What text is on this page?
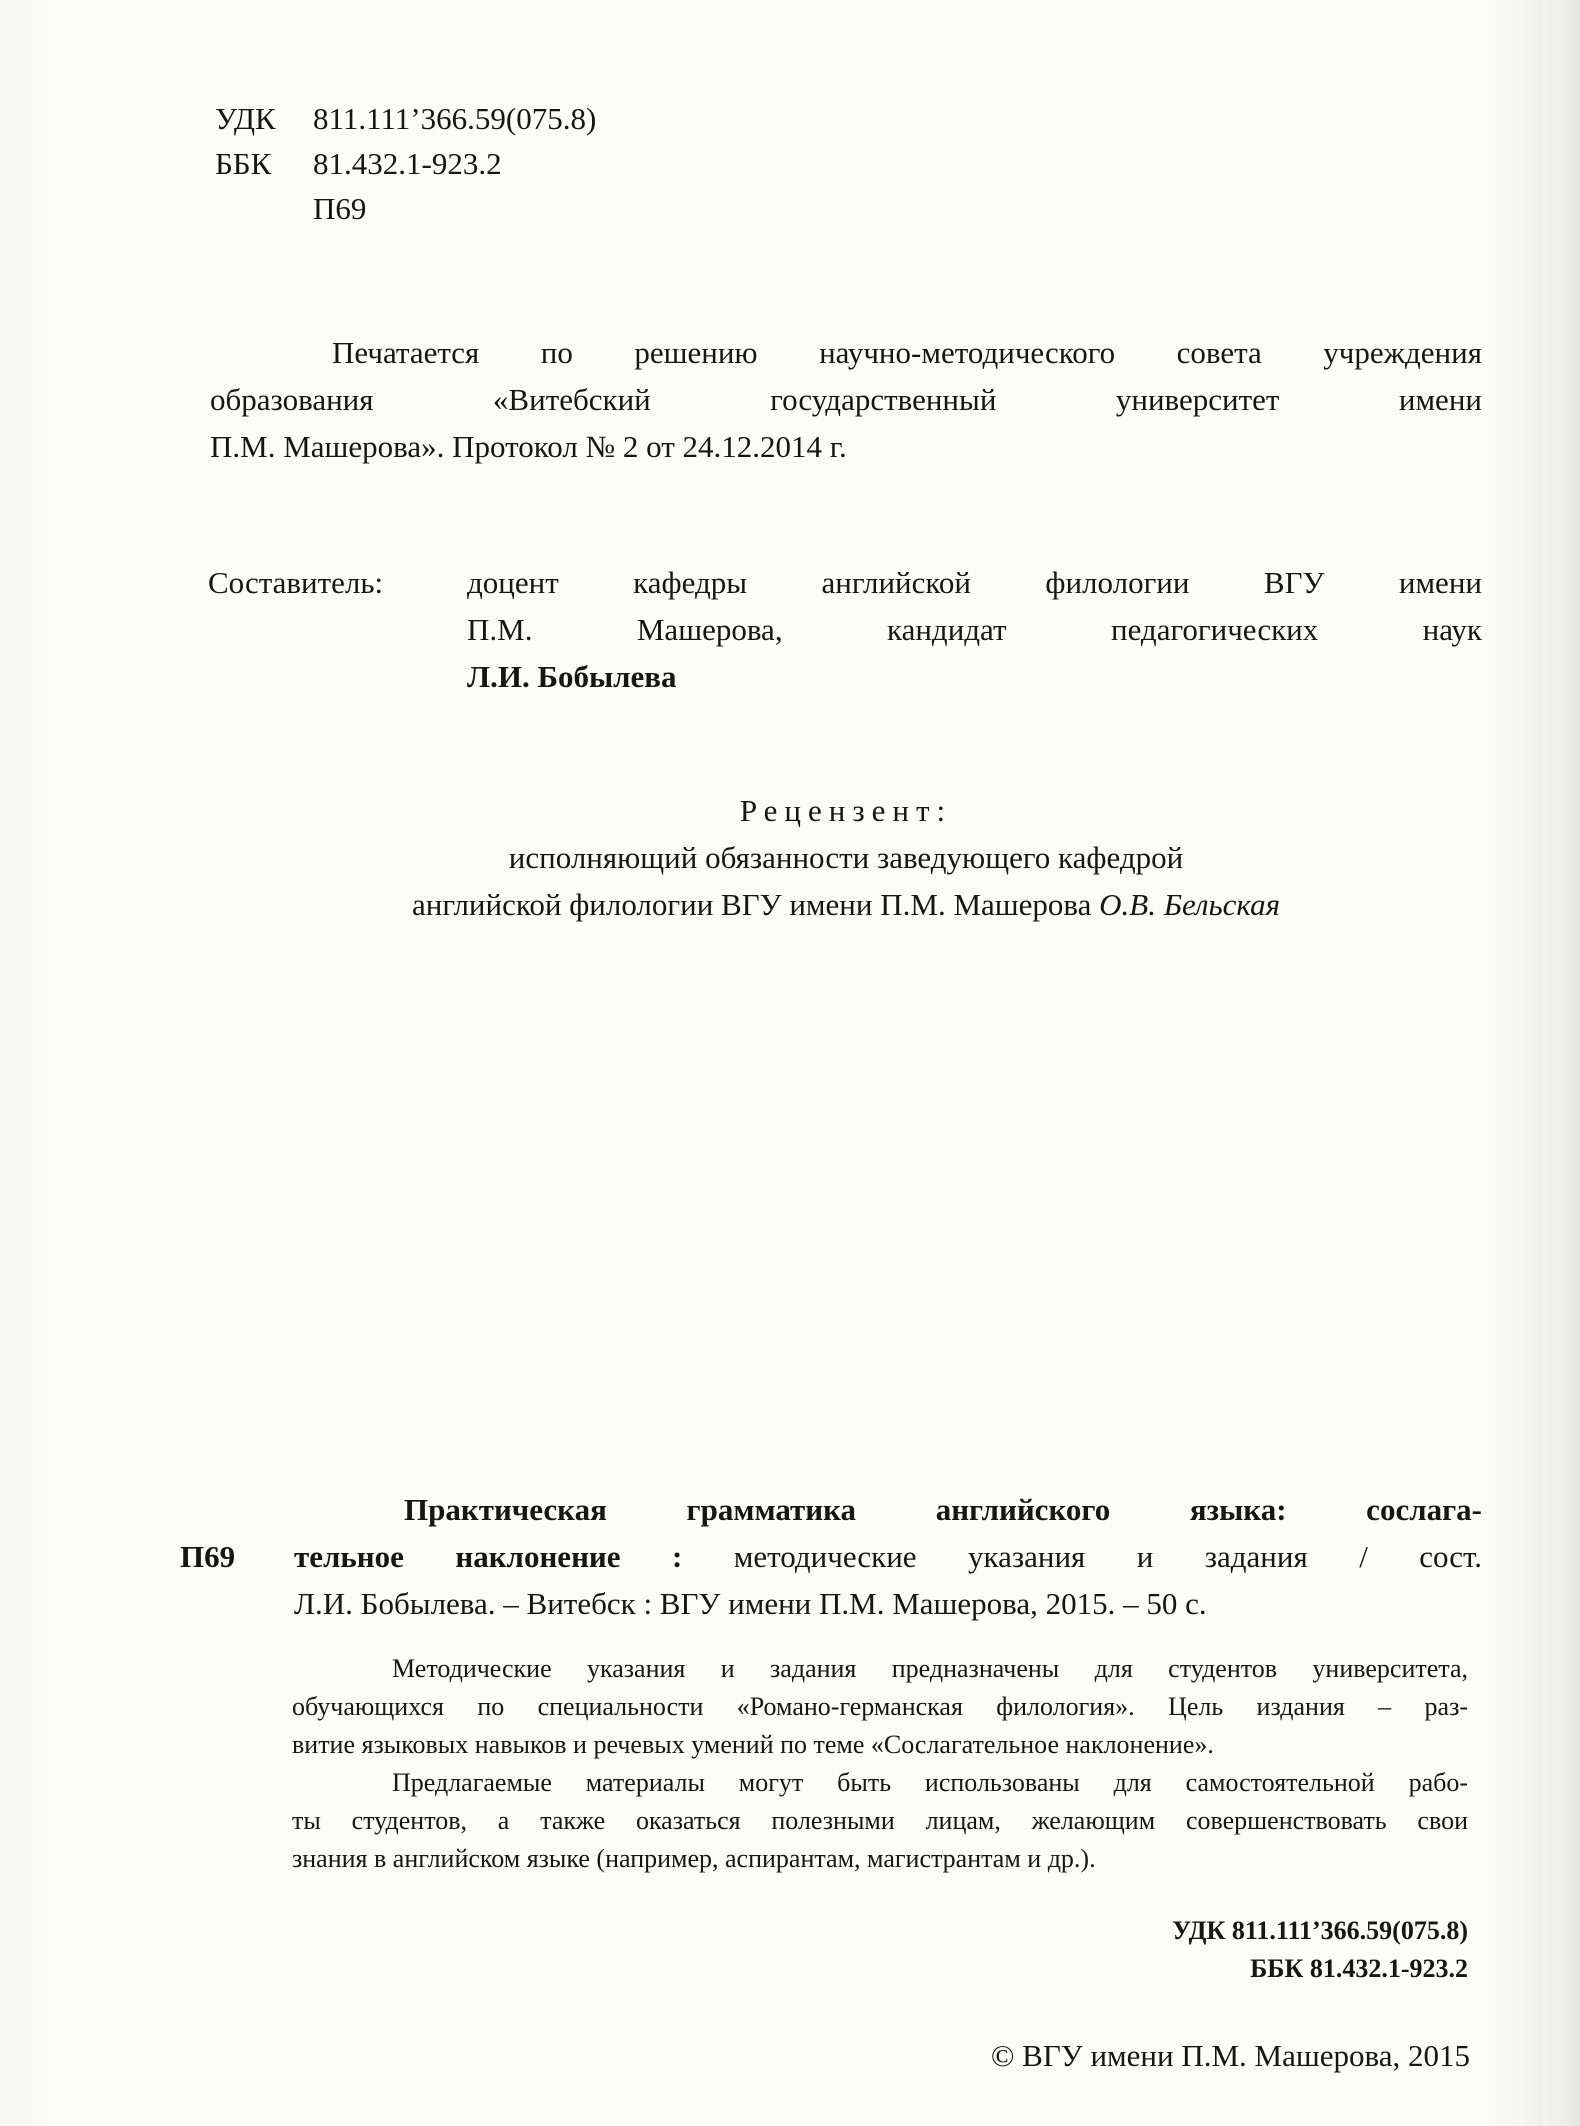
УДК	811.111’366.59(075.8)
ББК	81.432.1-923.2
П69
Печатается по решению научно-методического совета учреждения
образования «Витебский государственный университет имени
П.М. Машерова». Протокол № 2 от 24.12.2014 г.
Составитель:	доцент кафедры английской филологии ВГУ имени
П.М. Машерова, кандидат педагогических наук
Л.И. Бобылева
Рецензент:
исполняющий обязанности заведующего кафедрой
английской филологии ВГУ имени П.М. Машерова О.В. Бельская
П69
Практическая грамматика английского языка: сослага-
тельное наклонение : методические указания и задания / сост.
Л.И. Бобылева. – Витебск : ВГУ имени П.М. Машерова, 2015. – 50 с.
Методические указания и задания предназначены для студентов университета,
обучающихся по специальности «Романо-германская филология». Цель издания – раз-
витие языковых навыков и речевых умений по теме «Сослагательное наклонение».
Предлагаемые материалы могут быть использованы для самостоятельной рабо-
ты студентов, а также оказаться полезными лицам, желающим совершенствовать свои
знания в английском языке (например, аспирантам, магистрантам и др.).
УДК 811.111’366.59(075.8)
ББК 81.432.1-923.2
© ВГУ имени П.М. Машерова, 2015
